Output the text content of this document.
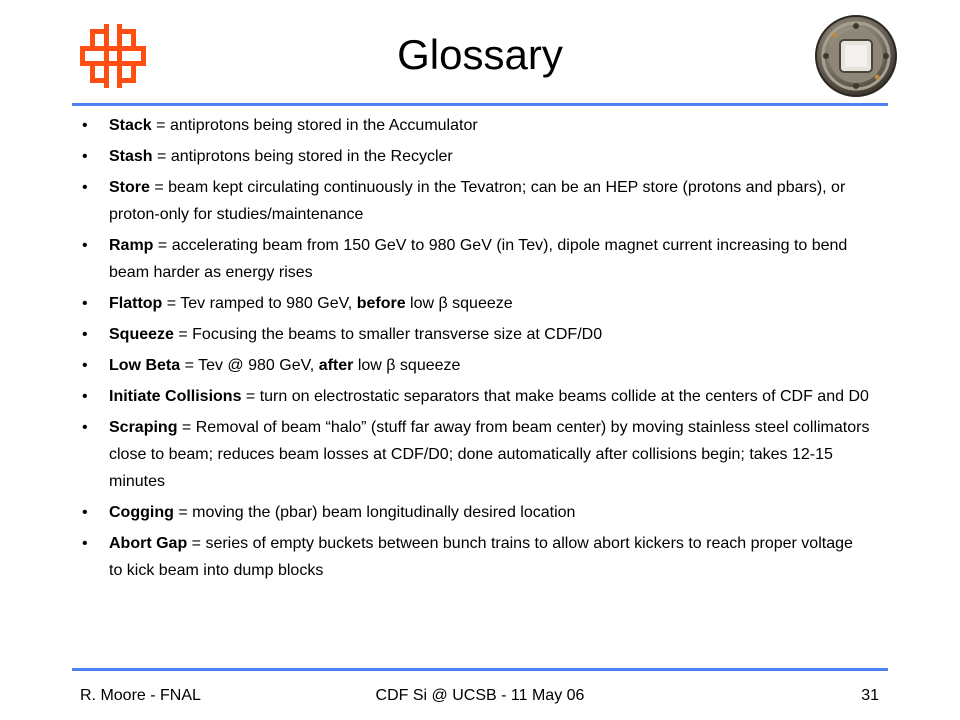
Glossary
• Stack = antiprotons being stored in the Accumulator
• Stash = antiprotons being stored in the Recycler
• Store = beam kept circulating continuously in the Tevatron; can be an HEP store (protons and pbars), or proton-only for studies/maintenance
• Ramp = accelerating beam from 150 GeV to 980 GeV (in Tev), dipole magnet current increasing to bend beam harder as energy rises
• Flattop = Tev ramped to 980 GeV, before low β squeeze
• Squeeze = Focusing the beams to smaller transverse size at CDF/D0
• Low Beta = Tev @ 980 GeV, after low β squeeze
• Initiate Collisions = turn on electrostatic separators that make beams collide at the centers of CDF and D0
• Scraping = Removal of beam “halo” (stuff far away from beam center) by moving stainless steel collimators close to beam; reduces beam losses at CDF/D0; done automatically after collisions begin; takes 12-15 minutes
• Cogging = moving the (pbar) beam longitudinally desired location
• Abort Gap = series of empty buckets between bunch trains to allow abort kickers to reach proper voltage to kick beam into dump blocks
R. Moore - FNAL	CDF Si @ UCSB - 11 May 06	31
